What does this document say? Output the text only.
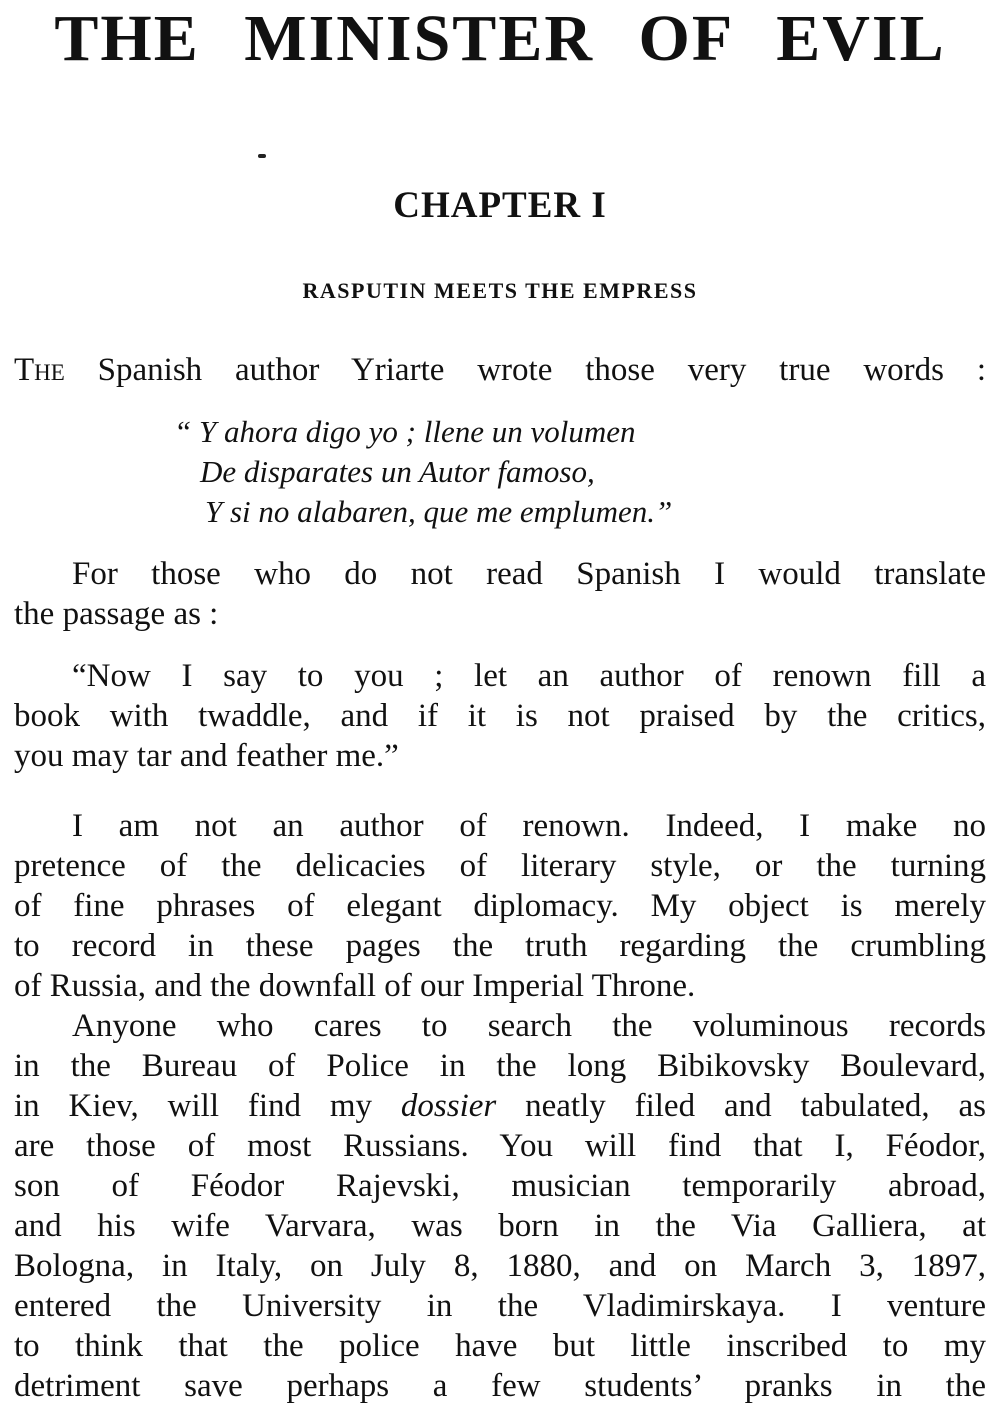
THE MINISTER OF EVIL
CHAPTER I
RASPUTIN MEETS THE EMPRESS

The Spanish author Yriarte wrote those very true words :

“ Y ahora digo yo ; llene un volumen

De disparates un Autor famoso,

Y si no alabaren, que me emplumen.”

For those who do not read Spanish I would translate

the passage as :

“Now I say to you ; let an author of renown fill a

book with twaddle, and if it is not praised by the critics,

you may tar and feather me.”

I am not an author of renown. Indeed, I make no

pretence of the delicacies of literary style, or the turning

of fine phrases of elegant diplomacy. My object is merely

to record in these pages the truth regarding the crumbling

of Russia, and the downfall of our Imperial Throne.

Anyone who cares to search the voluminous records

in the Bureau of Police in the long Bibikovsky Boulevard,

in Kiev, will find my dossier neatly filed and tabulated, as

are those of most Russians. You will find that I, Féodor,

son of Féodor Rajevski, musician temporarily abroad,

and his wife Varvara, was born in the Via Galliera, at

Bologna, in Italy, on July 8, 1880, and on March 3, 1897,

entered the University in the Vladimirskaya. I venture

to think that the police have but little inscribed to my

detriment save perhaps a few students’ pranks in the
